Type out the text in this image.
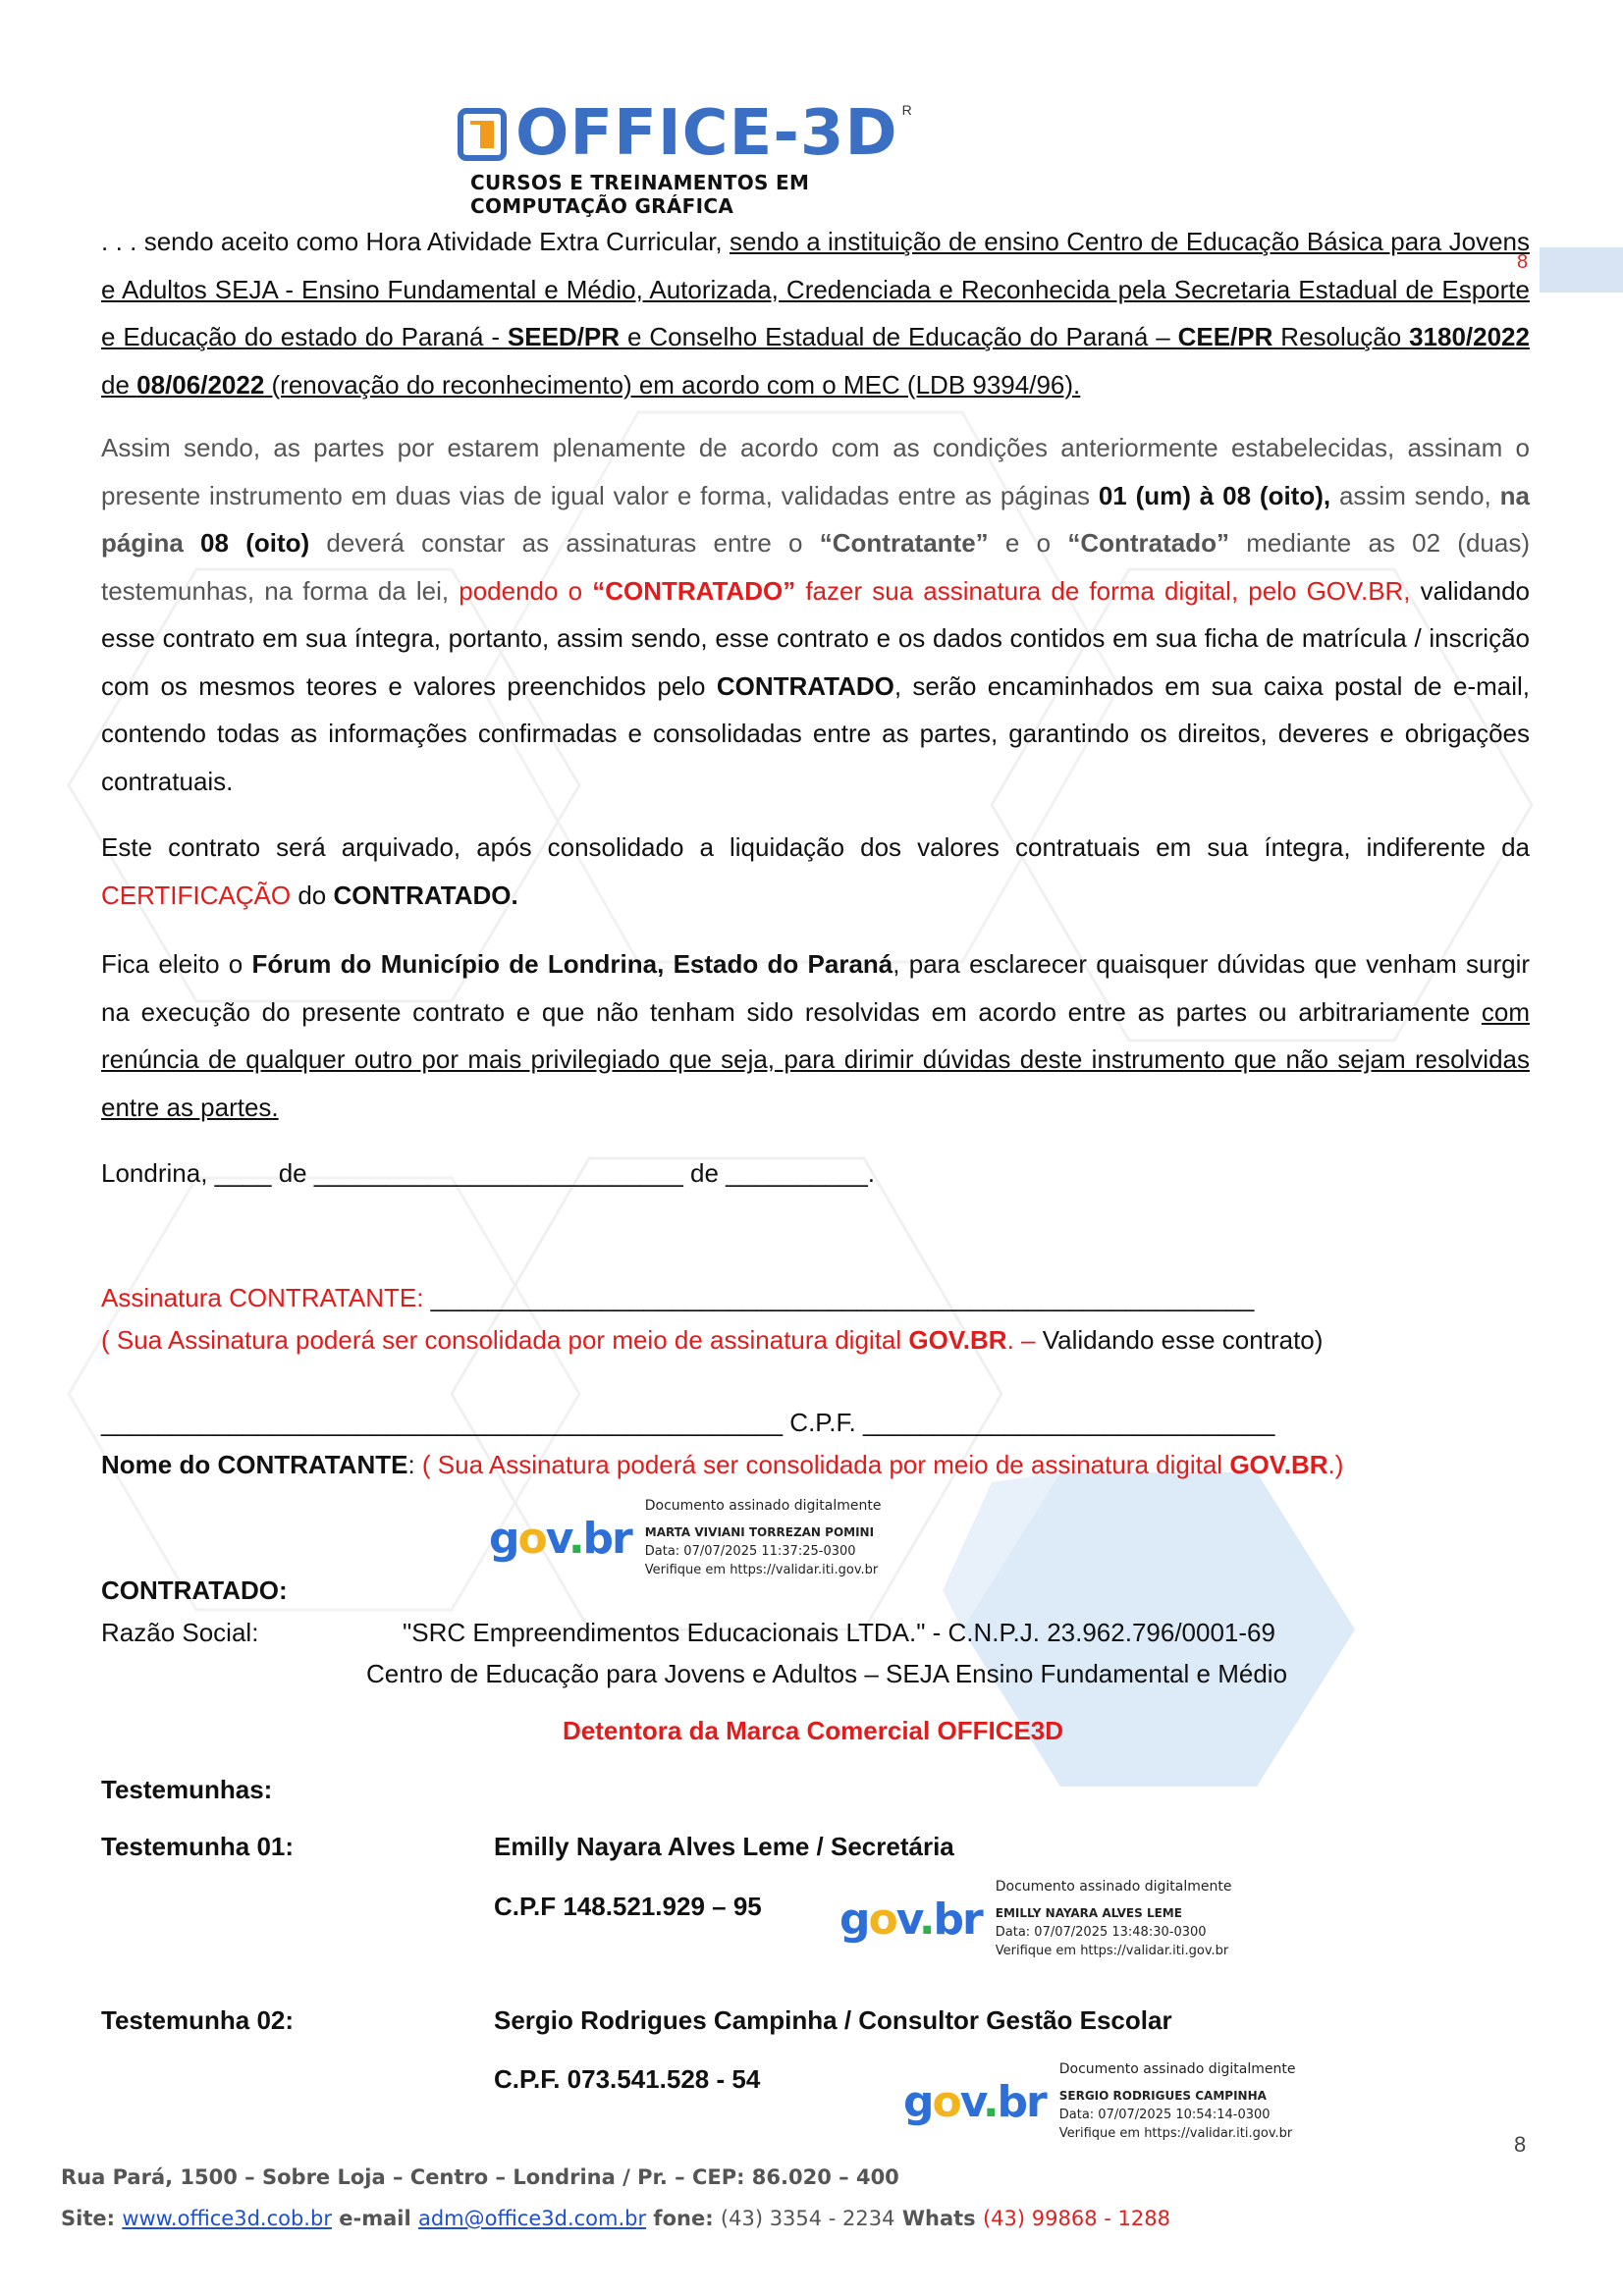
OFFICE-3D R
CURSOS E TREINAMENTOS EM COMPUTAÇÃO GRÁFICA
8
. . . sendo aceito como Hora Atividade Extra Curricular, sendo a instituição de ensino Centro de Educação Básica para Jovens e Adultos SEJA - Ensino Fundamental e Médio, Autorizada, Credenciada e Reconhecida pela Secretaria Estadual de Esporte e Educação do estado do Paraná - SEED/PR e Conselho Estadual de Educação do Paraná – CEE/PR Resolução 3180/2022 de 08/06/2022 (renovação do reconhecimento) em acordo com o MEC (LDB 9394/96).
Assim sendo, as partes por estarem plenamente de acordo com as condições anteriormente estabelecidas, assinam o presente instrumento em duas vias de igual valor e forma, validadas entre as páginas 01 (um) à 08 (oito), assim sendo, na página 08 (oito) deverá constar as assinaturas entre o “Contratante” e o “Contratado” mediante as 02 (duas) testemunhas, na forma da lei, podendo o “CONTRATADO” fazer sua assinatura de forma digital, pelo GOV.BR, validando esse contrato em sua íntegra, portanto, assim sendo, esse contrato e os dados contidos em sua ficha de matrícula / inscrição com os mesmos teores e valores preenchidos pelo CONTRATADO, serão encaminhados em sua caixa postal de e-mail, contendo todas as informações confirmadas e consolidadas entre as partes, garantindo os direitos, deveres e obrigações contratuais.
Este contrato será arquivado, após consolidado a liquidação dos valores contratuais em sua íntegra, indiferente da CERTIFICAÇÃO do CONTRATADO.
Fica eleito o Fórum do Município de Londrina, Estado do Paraná, para esclarecer quaisquer dúvidas que venham surgir na execução do presente contrato e que não tenham sido resolvidas em acordo entre as partes ou arbitrariamente com renúncia de qualquer outro por mais privilegiado que seja, para dirimir dúvidas deste instrumento que não sejam resolvidas entre as partes.
Londrina, ____ de __________________________ de __________.
Assinatura CONTRATANTE: __________________________________________________________
( Sua Assinatura poderá ser consolidada por meio de assinatura digital GOV.BR. – Validando esse contrato)
________________________________________________ C.P.F. _____________________________
Nome do CONTRATANTE: ( Sua Assinatura poderá ser consolidada por meio de assinatura digital GOV.BR.)
gov.br
Documento assinado digitalmente
MARTA VIVIANI TORREZAN POMINI
Data: 07/07/2025 11:37:25-0300
Verifique em https://validar.iti.gov.br
CONTRATADO:
Razão Social:	"SRC Empreendimentos Educacionais LTDA." - C.N.P.J. 23.962.796/0001-69
Centro de Educação para Jovens e Adultos – SEJA Ensino Fundamental e Médio
Detentora da Marca Comercial OFFICE3D
Testemunhas:
Testemunha 01:	Emilly Nayara Alves Leme / Secretária
C.P.F 148.521.929 – 95 gov.br
Documento assinado digitalmente
EMILLY NAYARA ALVES LEME
Data: 07/07/2025 13:48:30-0300
Verifique em https://validar.iti.gov.br
Testemunha 02:	Sergio Rodrigues Campinha / Consultor Gestão Escolar
C.P.F. 073.541.528 - 54	gov.br
Documento assinado digitalmente
SERGIO RODRIGUES CAMPINHA
Data: 07/07/2025 10:54:14-0300
Verifique em https://validar.iti.gov.br	8
Rua Pará, 1500 – Sobre Loja – Centro – Londrina / Pr. – CEP: 86.020 – 400
Site: www.office3d.cob.br e-mail adm@office3d.com.br fone: (43) 3354 - 2234 Whats (43) 99868 - 1288
